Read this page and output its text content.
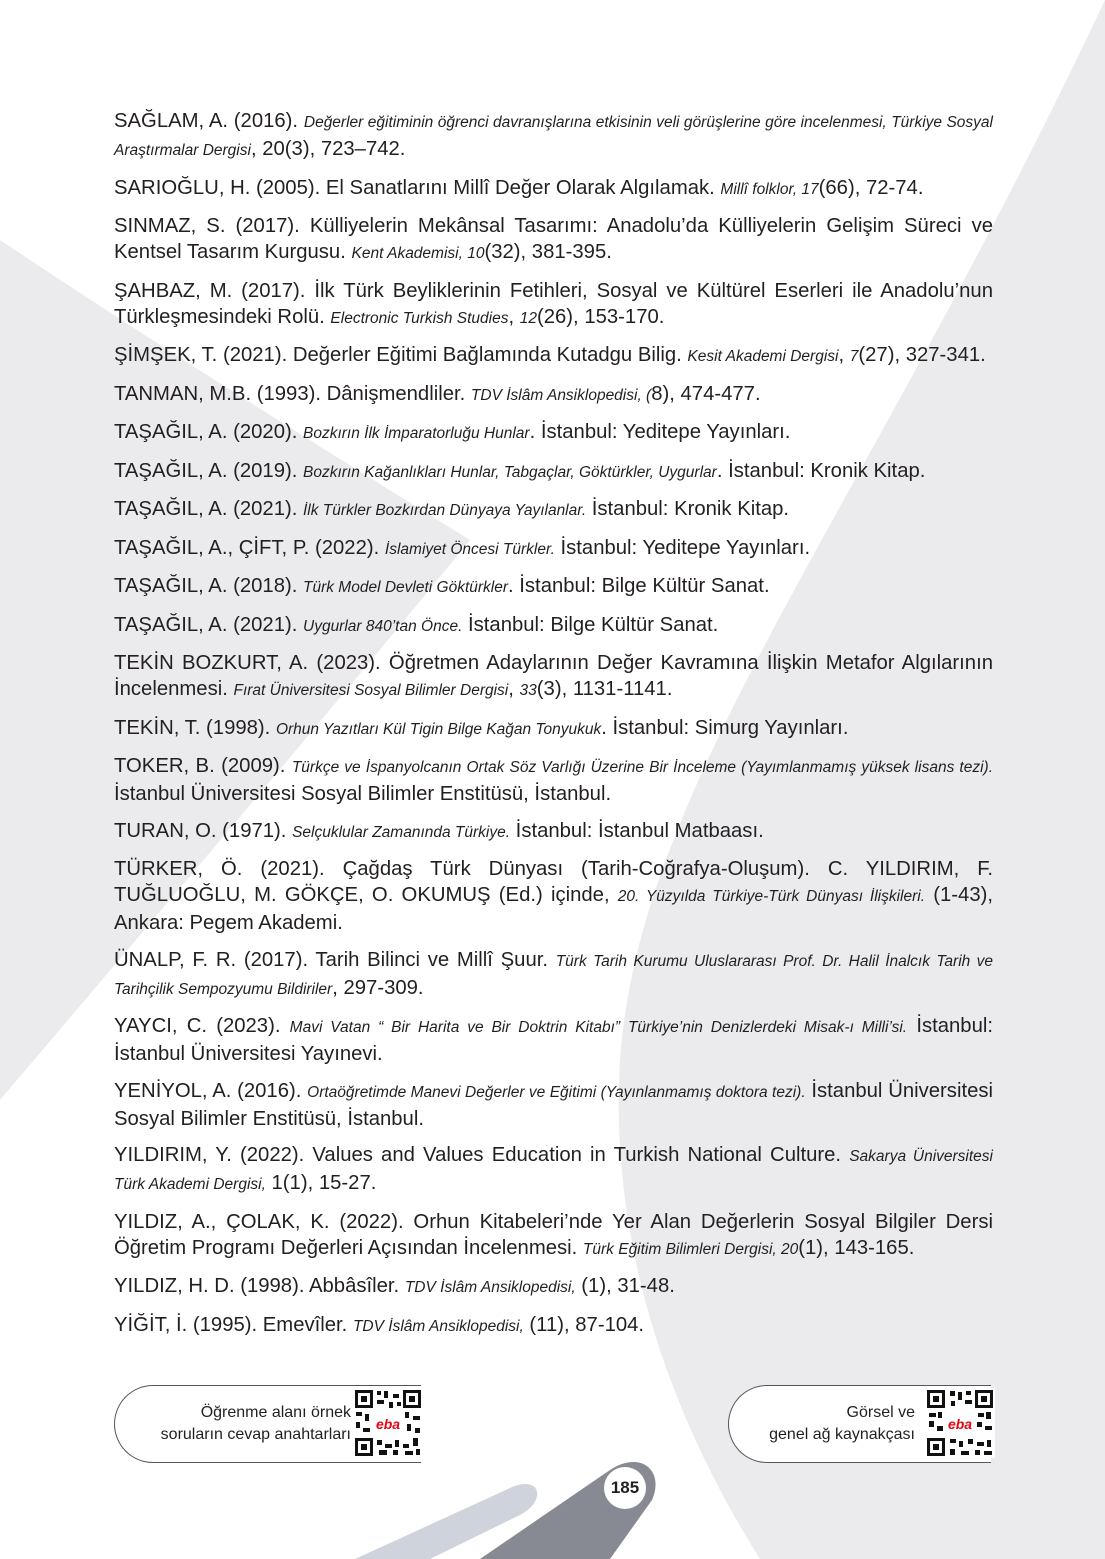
SAĞLAM, A. (2016). Değerler eğitiminin öğrenci davranışlarına etkisinin veli görüşlerine göre incelenmesi, Türkiye Sosyal Araştırmalar Dergisi, 20(3), 723–742.
SARIOĞLU, H. (2005). El Sanatlarını Millî Değer Olarak Algılamak. Millî folklor, 17(66), 72-74.
SINMAZ, S. (2017). Külliyelerin Mekânsal Tasarımı: Anadolu’da Külliyelerin Gelişim Süreci ve Kentsel Tasarım Kurgusu. Kent Akademisi, 10(32), 381-395.
ŞAHBAZ, M. (2017). İlk Türk Beyliklerinin Fetihleri, Sosyal ve Kültürel Eserleri ile Anadolu’nun Türkleşmesindeki Rolü. Electronic Turkish Studies, 12(26), 153-170.
ŞİMŞEK, T. (2021). Değerler Eğitimi Bağlamında Kutadgu Bilig. Kesit Akademi Dergisi, 7(27), 327-341.
TANMAN, M.B. (1993). Dânişmendliler. TDV İslâm Ansiklopedisi, (8), 474-477.
TAŞAĞIL, A. (2020). Bozkırın İlk İmparatorluğu Hunlar. İstanbul: Yeditepe Yayınları.
TAŞAĞIL, A. (2019). Bozkırın Kağanlıkları Hunlar, Tabgaçlar, Göktürkler, Uygurlar. İstanbul: Kronik Kitap.
TAŞAĞIL, A. (2021). İlk Türkler Bozkırdan Dünyaya Yayılanlar. İstanbul: Kronik Kitap.
TAŞAĞIL, A., ÇİFT, P. (2022). İslamiyet Öncesi Türkler. İstanbul: Yeditepe Yayınları.
TAŞAĞIL, A. (2018). Türk Model Devleti Göktürkler. İstanbul: Bilge Kültür Sanat.
TAŞAĞIL, A. (2021). Uygurlar 840’tan Önce. İstanbul: Bilge Kültür Sanat.
TEKİN BOZKURT, A. (2023). Öğretmen Adaylarının Değer Kavramına İlişkin Metafor Algılarının İncelenmesi. Fırat Üniversitesi Sosyal Bilimler Dergisi, 33(3), 1131-1141.
TEKİN, T. (1998). Orhun Yazıtları Kül Tigin Bilge Kağan Tonyukuk. İstanbul: Simurg Yayınları.
TOKER, B. (2009). Türkçe ve İspanyolcanın Ortak Söz Varlığı Üzerine Bir İnceleme (Yayımlanmamış yüksek lisans tezi). İstanbul Üniversitesi Sosyal Bilimler Enstitüsü, İstanbul.
TURAN, O. (1971). Selçuklular Zamanında Türkiye. İstanbul: İstanbul Matbaası.
TÜRKER, Ö. (2021). Çağdaş Türk Dünyası (Tarih-Coğrafya-Oluşum). C. YILDIRIM, F. TUĞLUOĞLU, M. GÖKÇE, O. OKUMUŞ (Ed.) içinde, 20. Yüzyılda Türkiye-Türk Dünyası İlişkileri. (1-43), Ankara: Pegem Akademi.
ÜNALP, F. R. (2017). Tarih Bilinci ve Millî Şuur. Türk Tarih Kurumu Uluslararası Prof. Dr. Halil İnalcık Tarih ve Tarihçilik Sempozyumu Bildiriler, 297-309.
YAYCI, C. (2023). Mavi Vatan “ Bir Harita ve Bir Doktrin Kitabı” Türkiye’nin Denizlerdeki Misak-ı Milli’si. İstanbul: İstanbul Üniversitesi Yayınevi.
YENİYOL, A. (2016). Ortaöğretimde Manevi Değerler ve Eğitimi (Yayınlanmamış doktora tezi). İstanbul Üniversitesi Sosyal Bilimler Enstitüsü, İstanbul.
YILDIRIM, Y. (2022). Values and Values Education in Turkish National Culture. Sakarya Üniversitesi Türk Akademi Dergisi, 1(1), 15-27.
YILDIZ, A., ÇOLAK, K. (2022). Orhun Kitabeleri’nde Yer Alan Değerlerin Sosyal Bilgiler Dersi Öğretim Programı Değerleri Açısından İncelenmesi. Türk Eğitim Bilimleri Dergisi, 20(1), 143-165.
YILDIZ, H. D. (1998). Abbâsîler. TDV İslâm Ansiklopedisi, (1), 31-48.
YİĞİT, İ. (1995). Emevîler. TDV İslâm Ansiklopedisi, (11), 87-104.
Öğrenme alanı örnek
soruların cevap anahtarları
eba
Görsel ve
genel ağ kaynakçası
eba
185
